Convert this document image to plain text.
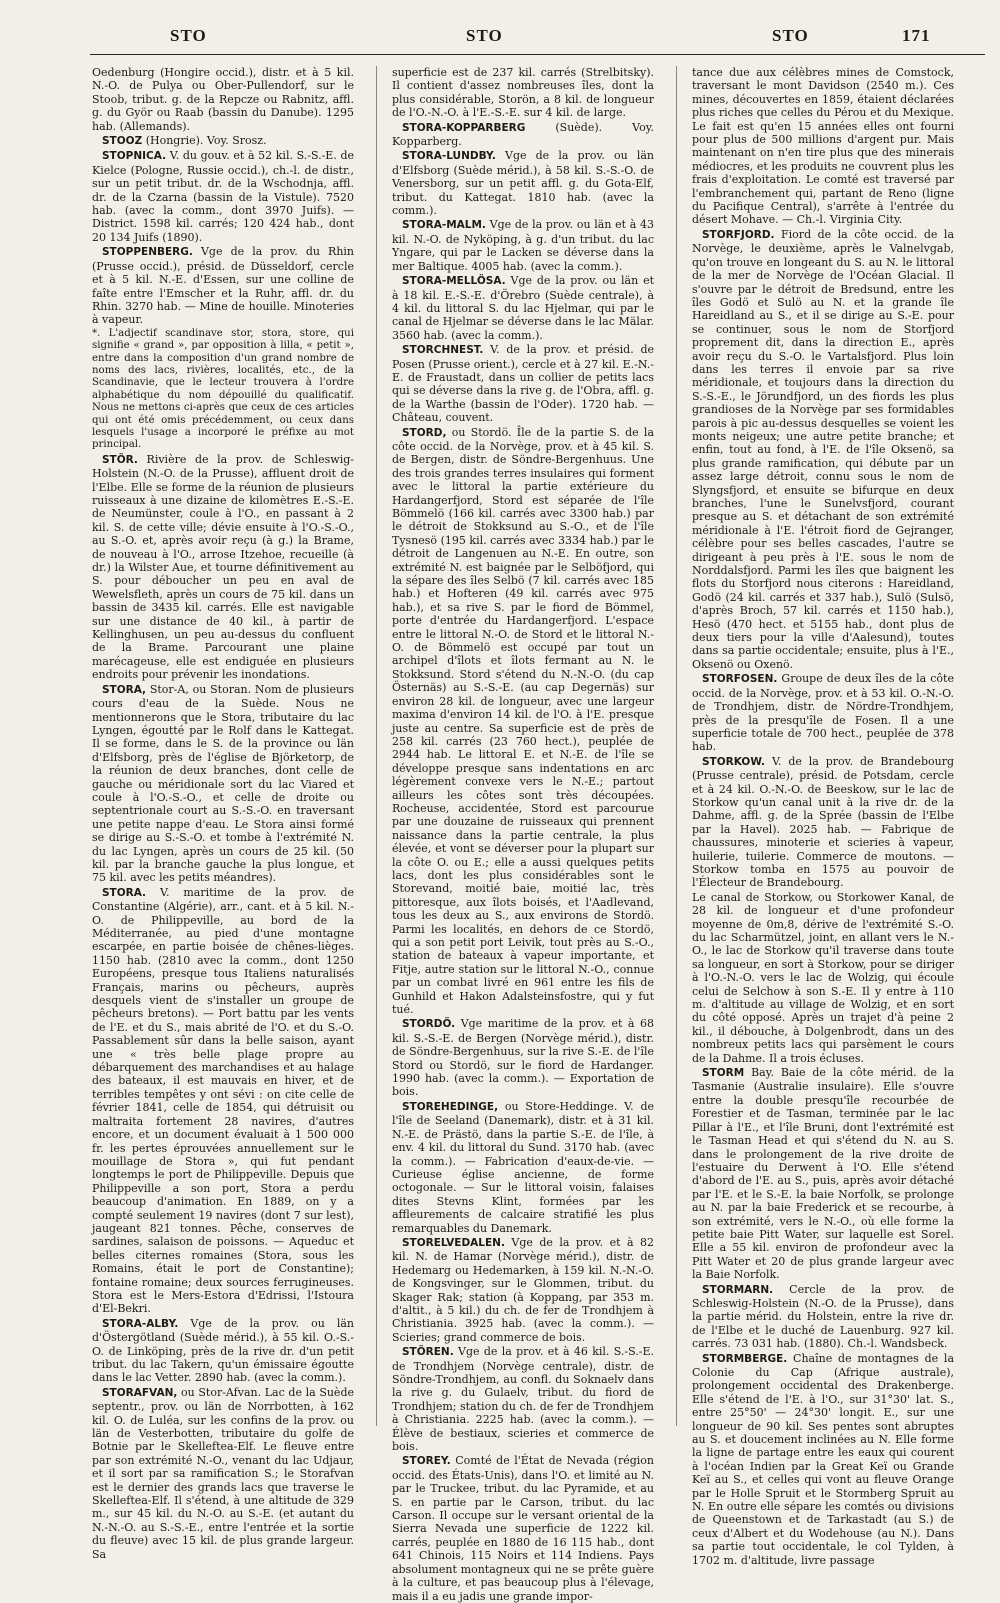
STO	STO	STO	171

Oedenburg (Hongire occid.), distr. et à 5 kil. N.-O. de Pulya ou Ober-Pullendorf, sur le Stoob, tribut. g. de la Repcze ou Rabnitz, affl. g. du Györ ou Raab (bassin du Danube). 1295 hab. (Allemands).

STOOZ (Hongrie). Voy. Srosz.

STOPNICA. V. du gouv. et à 52 kil. S.-S.-E. de Kielce (Pologne, Russie occid.), ch.-l. de distr., sur un petit tribut. dr. de la Wschodnja, affl. dr. de la Czarna (bassin de la Vistule). 7520 hab. (avec la comm., dont 3970 Juifs). — District. 1598 kil. carrés; 120 424 hab., dont 20 134 Juifs (1890).

STOPPENBERG. Vge de la prov. du Rhin (Prusse occid.), présid. de Düsseldorf, cercle et à 5 kil. N.-E. d'Essen, sur une colline de faîte entre l'Emscher et la Ruhr, affl. dr. du Rhin. 3270 hab. — Mine de houille. Minoteries à vapeur.

*. L'adjectif scandinave stor, stora, store, qui signifie « grand », par opposition à lilla, « petit », entre dans la composition d'un grand nombre de noms des lacs, rivières, localités, etc., de la Scandinavie, que le lecteur trouvera à l'ordre alphabétique du nom dépouillé du qualificatif. Nous ne mettons ci-après que ceux de ces articles qui ont été omis précédemment, ou ceux dans lesquels l'usage a incorporé le préfixe au mot principal.

STÖR. Rivière de la prov. de Schleswig-Holstein (N.-O. de la Prusse), affluent droit de l'Elbe. Elle se forme de la réunion de plusieurs ruisseaux à une dizaine de kilomètres E.-S.-E. de Neumünster, coule à l'O., en passant à 2 kil. S. de cette ville; dévie ensuite à l'O.-S.-O., au S.-O. et, après avoir reçu (à g.) la Brame, de nouveau à l'O., arrose Itzehoe, recueille (à dr.) la Wilster Aue, et tourne définitivement au S. pour déboucher un peu en aval de Wewelsfleth, après un cours de 75 kil. dans un bassin de 3435 kil. carrés. Elle est navigable sur une distance de 40 kil., à partir de Kellinghusen, un peu au-dessus du confluent de la Brame. Parcourant une plaine marécageuse, elle est endiguée en plusieurs endroits pour prévenir les inondations.

STORA, Stor-A, ou Storan. Nom de plusieurs cours d'eau de la Suède. Nous ne mentionnerons que le Stora, tributaire du lac Lyngen, égoutté par le Rolf dans le Kattegat. Il se forme, dans le S. de la province ou län d'Elfsborg, près de l'église de Björketorp, de la réunion de deux branches, dont celle de gauche ou méridionale sort du lac Viared et coule à l'O.-S.-O., et celle de droite ou septentrionale court au S.-S.-O. en traversant une petite nappe d'eau. Le Stora ainsi formé se dirige au S.-S.-O. et tombe à l'extrémité N. du lac Lyngen, après un cours de 25 kil. (50 kil. par la branche gauche la plus longue, et 75 kil. avec les petits méandres).

STORA. V. maritime de la prov. de Constantine (Algérie), arr., cant. et à 5 kil. N.-O. de Philippeville, au bord de la Méditerranée, au pied d'une montagne escarpée, en partie boisée de chênes-lièges. 1150 hab. (2810 avec la comm., dont 1250 Européens, presque tous Italiens naturalisés Français, marins ou pêcheurs, auprès desquels vient de s'installer un groupe de pêcheurs bretons). — Port battu par les vents de l'E. et du S., mais abrité de l'O. et du S.-O. Passablement sûr dans la belle saison, ayant une « très belle plage propre au débarquement des marchandises et au halage des bateaux, il est mauvais en hiver, et de terribles tempêtes y ont sévi : on cite celle de février 1841, celle de 1854, qui détruisit ou maltraita fortement 28 navires, d'autres encore, et un document évaluait à 1 500 000 fr. les pertes éprouvées annuellement sur le mouillage de Stora », qui fut pendant longtemps le port de Philippeville. Depuis que Philippeville a son port, Stora a perdu beaucoup d'animation. En 1889, on y a compté seulement 19 navires (dont 7 sur lest), jaugeant 821 tonnes. Pêche, conserves de sardines, salaison de poissons. — Aqueduc et belles citernes romaines (Stora, sous les Romains, était le port de Constantine); fontaine romaine; deux sources ferrugineuses. Stora est le Mers-Estora d'Edrissi, l'Istoura d'El-Bekri.

STORA-ALBY. Vge de la prov. ou län d'Östergötland (Suède mérid.), à 55 kil. O.-S.-O. de Linköping, près de la rive dr. d'un petit tribut. du lac Takern, qu'un émissaire égoutte dans le lac Vetter. 2890 hab. (avec la comm.).

STORAFVAN, ou Stor-Afvan. Lac de la Suède septentr., prov. ou län de Norrbotten, à 162 kil. O. de Luléa, sur les confins de la prov. ou län de Vesterbotten, tributaire du golfe de Botnie par le Skelleftea-Elf. Le fleuve entre par son extrémité N.-O., venant du lac Udjaur, et il sort par sa ramification S.; le Storafvan est le dernier des grands lacs que traverse le Skelleftea-Elf. Il s'étend, à une altitude de 329 m., sur 45 kil. du N.-O. au S.-E. (et autant du N.-N.-O. au S.-S.-E., entre l'entrée et la sortie du fleuve) avec 15 kil. de plus grande largeur. Sa

superficie est de 237 kil. carrés (Strelbitsky). Il contient d'assez nombreuses îles, dont la plus considérable, Storön, a 8 kil. de longueur de l'O.-N.-O. à l'E.-S.-E. sur 4 kil. de large.

STORA-KOPPARBERG	(Suède). Voy. Kopparberg.

STORA-LUNDBY. Vge de la prov. ou län d'Elfsborg (Suède mérid.), à 58 kil. S.-S.-O. de Venersborg, sur un petit affl. g. du Gota-Elf, tribut. du Kattegat. 1810 hab. (avec la comm.).

STORA-MALM. Vge de la prov. ou län et à 43 kil. N.-O. de Nyköping, à g. d'un tribut. du lac Yngare, qui par le Lacken se déverse dans la mer Baltique. 4005 hab. (avec la comm.).

STORA-MELLÖSA. Vge de la prov. ou län et à 18 kil. E.-S.-E. d'Örebro (Suède centrale), à 4 kil. du littoral S. du lac Hjelmar, qui par le canal de Hjelmar se déverse dans le lac Mälar. 3560 hab. (avec la comm.).

STORCHNEST. V. de la prov. et présid. de Posen (Prusse orient.), cercle et à 27 kil. E.-N.-E. de Fraustadt, dans un collier de petits lacs qui se déverse dans la rive g. de l'Obra, affl. g. de la Warthe (bassin de l'Oder). 1720 hab. — Château, couvent.

STORD, ou Stordö. Île de la partie S. de la côte occid. de la Norvège, prov. et à 45 kil. S. de Bergen, distr. de Söndre-Bergenhuus. Une des trois grandes terres insulaires qui forment avec le littoral la partie extérieure du Hardangerfjord, Stord est séparée de l'île Bömmelö (166 kil. carrés avec 3300 hab.) par le détroit de Stokksund au S.-O., et de l'île Tysnesö (195 kil. carrés avec 3334 hab.) par le détroit de Langenuen au N.-E. En outre, son extrémité N. est baignée par le Selböfjord, qui la sépare des îles Selbö (7 kil. carrés avec 185 hab.) et Hofteren (49 kil. carrés avec 975 hab.), et sa rive S. par le fiord de Bömmel, porte d'entrée du Hardangerfjord. L'espace entre le littoral N.-O. de Stord et le littoral N.-O. de Bömmelö est occupé par tout un archipel d'îlots et îlots fermant au N. le Stokksund. Stord s'étend du N.-N.-O. (du cap Östernäs) au S.-S.-E. (au cap Degernäs) sur environ 28 kil. de longueur, avec une largeur maxima d'environ 14 kil. de l'O. à l'E. presque juste au centre. Sa superficie est de près de 258 kil. carrés (23 760 hect.), peuplée de 2944 hab. Le littoral E. et N.-E. de l'île se développe presque sans indentations en arc légèrement convexe vers le N.-E.; partout ailleurs les côtes sont très découpées. Rocheuse, accidentée, Stord est parcourue par une douzaine de ruisseaux qui prennent naissance dans la partie centrale, la plus élevée, et vont se déverser pour la plupart sur la côte O. ou E.; elle a aussi quelques petits lacs, dont les plus considérables sont le Storevand, moitié baie, moitié lac, très pittoresque, aux îlots boisés, et l'Aadlevand, tous les deux au S., aux environs de Stordö. Parmi les localités, en dehors de ce Stordö, qui a son petit port Leivik, tout près au S.-O., station de bateaux à vapeur importante, et Fitje, autre station sur le littoral N.-O., connue par un combat livré en 961 entre les fils de Gunhild et Hakon Adalsteinsfostre, qui y fut tué.

STORDÖ. Vge maritime de la prov. et à 68 kil. S.-S.-E. de Bergen (Norvège mérid.), distr. de Söndre-Bergenhuus, sur la rive S.-E. de l'île Stord ou Stordö, sur le fiord de Hardanger. 1990 hab. (avec la comm.). — Exportation de bois.

STOREHEDINGE, ou Store-Heddinge. V. de l'île de Seeland (Danemark), distr. et à 31 kil. N.-E. de Prästö, dans la partie S.-E. de l'île, à env. 4 kil. du littoral du Sund. 3170 hab. (avec la comm.). — Fabrication d'eaux-de-vie. — Curieuse église ancienne, de forme octogonale. — Sur le littoral voisin, falaises dites Stevns Klint, formées par les affleurements de calcaire stratifié les plus remarquables du Danemark.

STORELVEDALEN. Vge de la prov. et à 82 kil. N. de Hamar (Norvège mérid.), distr. de Hedemarg ou Hedemarken, à 159 kil. N.-N.-O. de Kongsvinger, sur le Glommen, tribut. du Skager Rak; station (à Koppang, par 353 m. d'altit., à 5 kil.) du ch. de fer de Trondhjem à Christiania. 3925 hab. (avec la comm.). — Scieries; grand commerce de bois.

STÖREN. Vge de la prov. et à 46 kil. S.-S.-E. de Trondhjem (Norvège centrale), distr. de Söndre-Trondhjem, au confl. du Soknaelv dans la rive g. du Gulaelv, tribut. du fiord de Trondhjem; station du ch. de fer de Trondhjem à Christiania. 2225 hab. (avec la comm.). — Élève de bestiaux, scieries et commerce de bois.

STOREY. Comté de l'État de Nevada (région occid. des États-Unis), dans l'O. et limité au N. par le Truckee, tribut. du lac Pyramide, et au S. en partie par le Carson, tribut. du lac Carson. Il occupe sur le versant oriental de la Sierra Nevada une superficie de 1222 kil. carrés, peuplée en 1880 de 16 115 hab., dont 641 Chinois, 115 Noirs et 114 Indiens. Pays absolument montagneux qui ne se prête guère à la culture, et pas beaucoup plus à l'élevage, mais il a eu jadis une grande impor-

tance due aux célèbres mines de Comstock, traversant le mont Davidson (2540 m.). Ces mines, découvertes en 1859, étaient déclarées plus riches que celles du Pérou et du Mexique. Le fait est qu'en 15 années elles ont fourni pour plus de 500 millions d'argent pur. Mais maintenant on n'en tire plus que des minerais médiocres, et les produits ne couvrent plus les frais d'exploitation. Le comté est traversé par l'embranchement qui, partant de Reno (ligne du Pacifique Central), s'arrête à l'entrée du désert Mohave. — Ch.-l. Virginia City.

STORFJORD. Fiord de la côte occid. de la Norvège, le deuxième, après le Valnelvgab, qu'on trouve en longeant du S. au N. le littoral de la mer de Norvège de l'Océan Glacial. Il s'ouvre par le détroit de Bredsund, entre les îles Godö et Sulö au N. et la grande île Hareidland au S., et il se dirige au S.-E. pour se continuer, sous le nom de Storfjord proprement dit, dans la direction E., après avoir reçu du S.-O. le Vartalsfjord. Plus loin dans les terres il envoie par sa rive méridionale, et toujours dans la direction du S.-S.-E., le Jörundfjord, un des fiords les plus grandioses de la Norvège par ses formidables parois à pic au-dessus desquelles se voient les monts neigeux; une autre petite branche; et enfin, tout au fond, à l'E. de l'île Oksenö, sa plus grande ramification, qui débute par un assez large détroit, connu sous le nom de Slyngsfjord, et ensuite se bifurque en deux branches, l'une le Sunelvsfjord, courant presque au S. et détachant de son extrémité méridionale à l'E. l'étroit fiord de Gejranger, célèbre pour ses belles cascades, l'autre se dirigeant à peu près à l'E. sous le nom de Norddalsfjord. Parmi les îles que baignent les flots du Storfjord nous citerons : Hareidland, Godö (24 kil. carrés et 337 hab.), Sulö (Sulsö, d'après Broch, 57 kil. carrés et 1150 hab.), Hesö (470 hect. et 5155 hab., dont plus de deux tiers pour la ville d'Aalesund), toutes dans sa partie occidentale; ensuite, plus à l'E., Oksenö ou Oxenö.

STORFOSEN. Groupe de deux îles de la côte occid. de la Norvège, prov. et à 53 kil. O.-N.-O. de Trondhjem, distr. de Nördre-Trondhjem, près de la presqu'île de Fosen. Il a une superficie totale de 700 hect., peuplée de 378 hab.

STORKOW. V. de la prov. de Brandebourg (Prusse centrale), présid. de Potsdam, cercle et à 24 kil. O.-N.-O. de Beeskow, sur le lac de Storkow qu'un canal unit à la rive dr. de la Dahme, affl. g. de la Sprée (bassin de l'Elbe par la Havel). 2025 hab. — Fabrique de chaussures, minoterie et scieries à vapeur, huilerie, tuilerie. Commerce de moutons. — Storkow tomba en 1575 au pouvoir de l'Électeur de Brandebourg.

Le canal de Storkow, ou Storkower Kanal, de 28 kil. de longueur et d'une profondeur moyenne de 0m,8, dérive de l'extrémité S.-O. du lac Scharmützel, joint, en allant vers le N.-O., le lac de Storkow qu'il traverse dans toute sa longueur, en sort à Storkow, pour se diriger à l'O.-N.-O. vers le lac de Wolzig, qui écoule celui de Selchow à son S.-E. Il y entre à 110 m. d'altitude au village de Wolzig, et en sort du côté opposé. Après un trajet d'à peine 2 kil., il débouche, à Dolgenbrodt, dans un des nombreux petits lacs qui parsèment le cours de la Dahme. Il a trois écluses.

STORM Bay. Baie de la côte mérid. de la Tasmanie (Australie insulaire). Elle s'ouvre entre la double presqu'île recourbée de Forestier et de Tasman, terminée par le lac Pillar à l'E., et l'île Bruni, dont l'extrémité est le Tasman Head et qui s'étend du N. au S. dans le prolongement de la rive droite de l'estuaire du Derwent à l'O. Elle s'étend d'abord de l'E. au S., puis, après avoir détaché par l'E. et le S.-E. la baie Norfolk, se prolonge au N. par la baie Frederick et se recourbe, à son extrémité, vers le N.-O., où elle forme la petite baie Pitt Water, sur laquelle est Sorel. Elle a 55 kil. environ de profondeur avec la Pitt Water et 20 de plus grande largeur avec la Baie Norfolk.

STORMARN. Cercle de la prov. de Schleswig-Holstein (N.-O. de la Prusse), dans la partie mérid. du Holstein, entre la rive dr. de l'Elbe et le duché de Lauenburg. 927 kil. carrés. 73 031 hab. (1880). Ch.-l. Wandsbeck.

STORMBERGE. Chaîne de montagnes de la Colonie du Cap (Afrique australe), prolongement occidental des Drakenberge. Elle s'étend de l'E. à l'O., sur 31°30' lat. S., entre 25°50' — 24°30' longit. E., sur une longueur de 90 kil. Ses pentes sont abruptes au S. et doucement inclinées au N. Elle forme la ligne de partage entre les eaux qui courent à l'océan Indien par la Great Keï ou Grande Keï au S., et celles qui vont au fleuve Orange par le Holle Spruit et le Stormberg Spruit au N. En outre elle sépare les comtés ou divisions de Queenstown et de Tarkastadt (au S.) de ceux d'Albert et du Wodehouse (au N.). Dans sa partie tout occidentale, le col Tylden, à 1702 m. d'altitude, livre passage
